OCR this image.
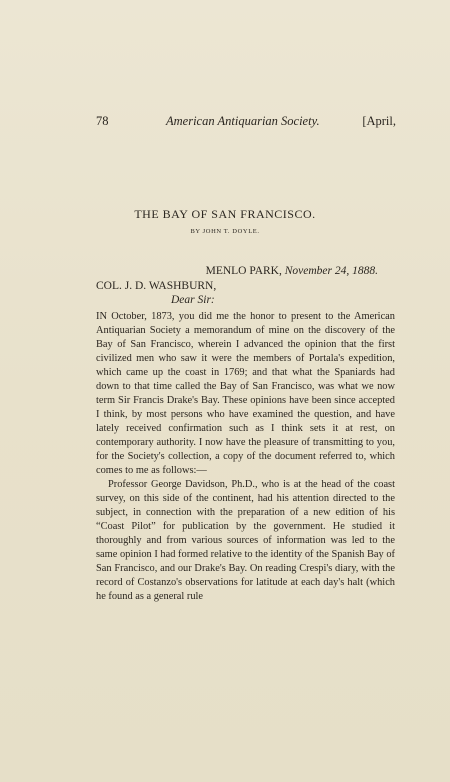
78	American Antiquarian Society.	[April,
THE BAY OF SAN FRANCISCO.
BY JOHN T. DOYLE.
MENLO PARK, November 24, 1888.
COL. J. D. WASHBURN,
Dear Sir:

IN October, 1873, you did me the honor to present to the American Antiquarian Society a memorandum of mine on the discovery of the Bay of San Francisco, wherein I advanced the opinion that the first civilized men who saw it were the members of Portala's expedition, which came up the coast in 1769; and that what the Spaniards had down to that time called the Bay of San Francisco, was what we now term Sir Francis Drake's Bay. These opinions have been since accepted I think, by most persons who have examined the question, and have lately received confirmation such as I think sets it at rest, on contemporary authority. I now have the pleasure of transmitting to you, for the Society's collection, a copy of the document referred to, which comes to me as follows:—

Professor George Davidson, Ph.D., who is at the head of the coast survey, on this side of the continent, had his attention directed to the subject, in connection with the preparation of a new edition of his “Coast Pilot” for publication by the government. He studied it thoroughly and from various sources of information was led to the same opinion I had formed relative to the identity of the Spanish Bay of San Francisco, and our Drake's Bay. On reading Crespi's diary, with the record of Costanzo's observations for latitude at each day's halt (which he found as a general rule
